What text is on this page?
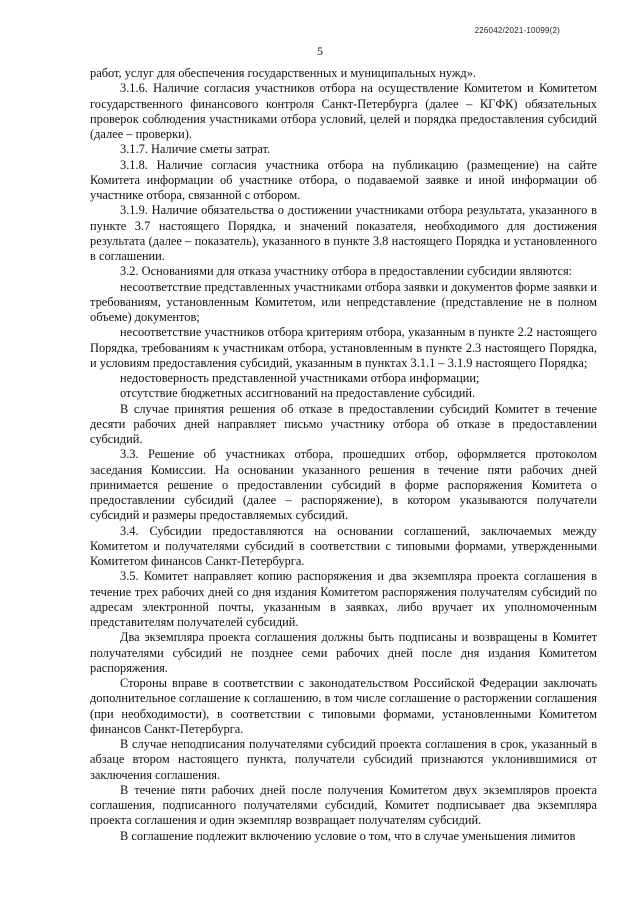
226042/2021-10099(2)
5

работ, услуг для обеспечения государственных и муниципальных нужд».

3.1.6. Наличие согласия участников отбора на осуществление Комитетом и Комитетом государственного финансового контроля Санкт-Петербурга (далее – КГФК) обязательных проверок соблюдения участниками отбора условий, целей и порядка предоставления субсидий (далее – проверки).

3.1.7. Наличие сметы затрат.

3.1.8. Наличие согласия участника отбора на публикацию (размещение) на сайте Комитета информации об участнике отбора, о подаваемой заявке и иной информации об участнике отбора, связанной с отбором.

3.1.9. Наличие обязательства о достижении участниками отбора результата, указанного в пункте 3.7 настоящего Порядка, и значений показателя, необходимого для достижения результата (далее – показатель), указанного в пункте 3.8 настоящего Порядка и установленного в соглашении.

3.2. Основаниями для отказа участнику отбора в предоставлении субсидии являются:

несоответствие представленных участниками отбора заявки и документов форме заявки и требованиям, установленным Комитетом, или непредставление (представление не в полном объеме) документов;

несоответствие участников отбора критериям отбора, указанным в пункте 2.2 настоящего Порядка, требованиям к участникам отбора, установленным в пункте 2.3 настоящего Порядка, и условиям предоставления субсидий, указанным в пунктах 3.1.1 – 3.1.9 настоящего Порядка;

недостоверность представленной участниками отбора информации;

отсутствие бюджетных ассигнований на предоставление субсидий.

В случае принятия решения об отказе в предоставлении субсидий Комитет в течение десяти рабочих дней направляет письмо участнику отбора об отказе в предоставлении субсидий.

3.3. Решение об участниках отбора, прошедших отбор, оформляется протоколом заседания Комиссии. На основании указанного решения в течение пяти рабочих дней принимается решение о предоставлении субсидий в форме распоряжения Комитета о предоставлении субсидий (далее – распоряжение), в котором указываются получатели субсидий и размеры предоставляемых субсидий.

3.4. Субсидии предоставляются на основании соглашений, заключаемых между Комитетом и получателями субсидий в соответствии с типовыми формами, утвержденными Комитетом финансов Санкт-Петербурга.

3.5. Комитет направляет копию распоряжения и два экземпляра проекта соглашения в течение трех рабочих дней со дня издания Комитетом распоряжения получателям субсидий по адресам электронной почты, указанным в заявках, либо вручает их уполномоченным представителям получателей субсидий.

Два экземпляра проекта соглашения должны быть подписаны и возвращены в Комитет получателями субсидий не позднее семи рабочих дней после дня издания Комитетом распоряжения.

Стороны вправе в соответствии с законодательством Российской Федерации заключать дополнительное соглашение к соглашению, в том числе соглашение о расторжении соглашения (при необходимости), в соответствии с типовыми формами, установленными Комитетом финансов Санкт-Петербурга.

В случае неподписания получателями субсидий проекта соглашения в срок, указанный в абзаце втором настоящего пункта, получатели субсидий признаются уклонившимися от заключения соглашения.

В течение пяти рабочих дней после получения Комитетом двух экземпляров проекта соглашения, подписанного получателями субсидий, Комитет подписывает два экземпляра проекта соглашения и один экземпляр возвращает получателям субсидий.

В соглашение подлежит включению условие о том, что в случае уменьшения лимитов
